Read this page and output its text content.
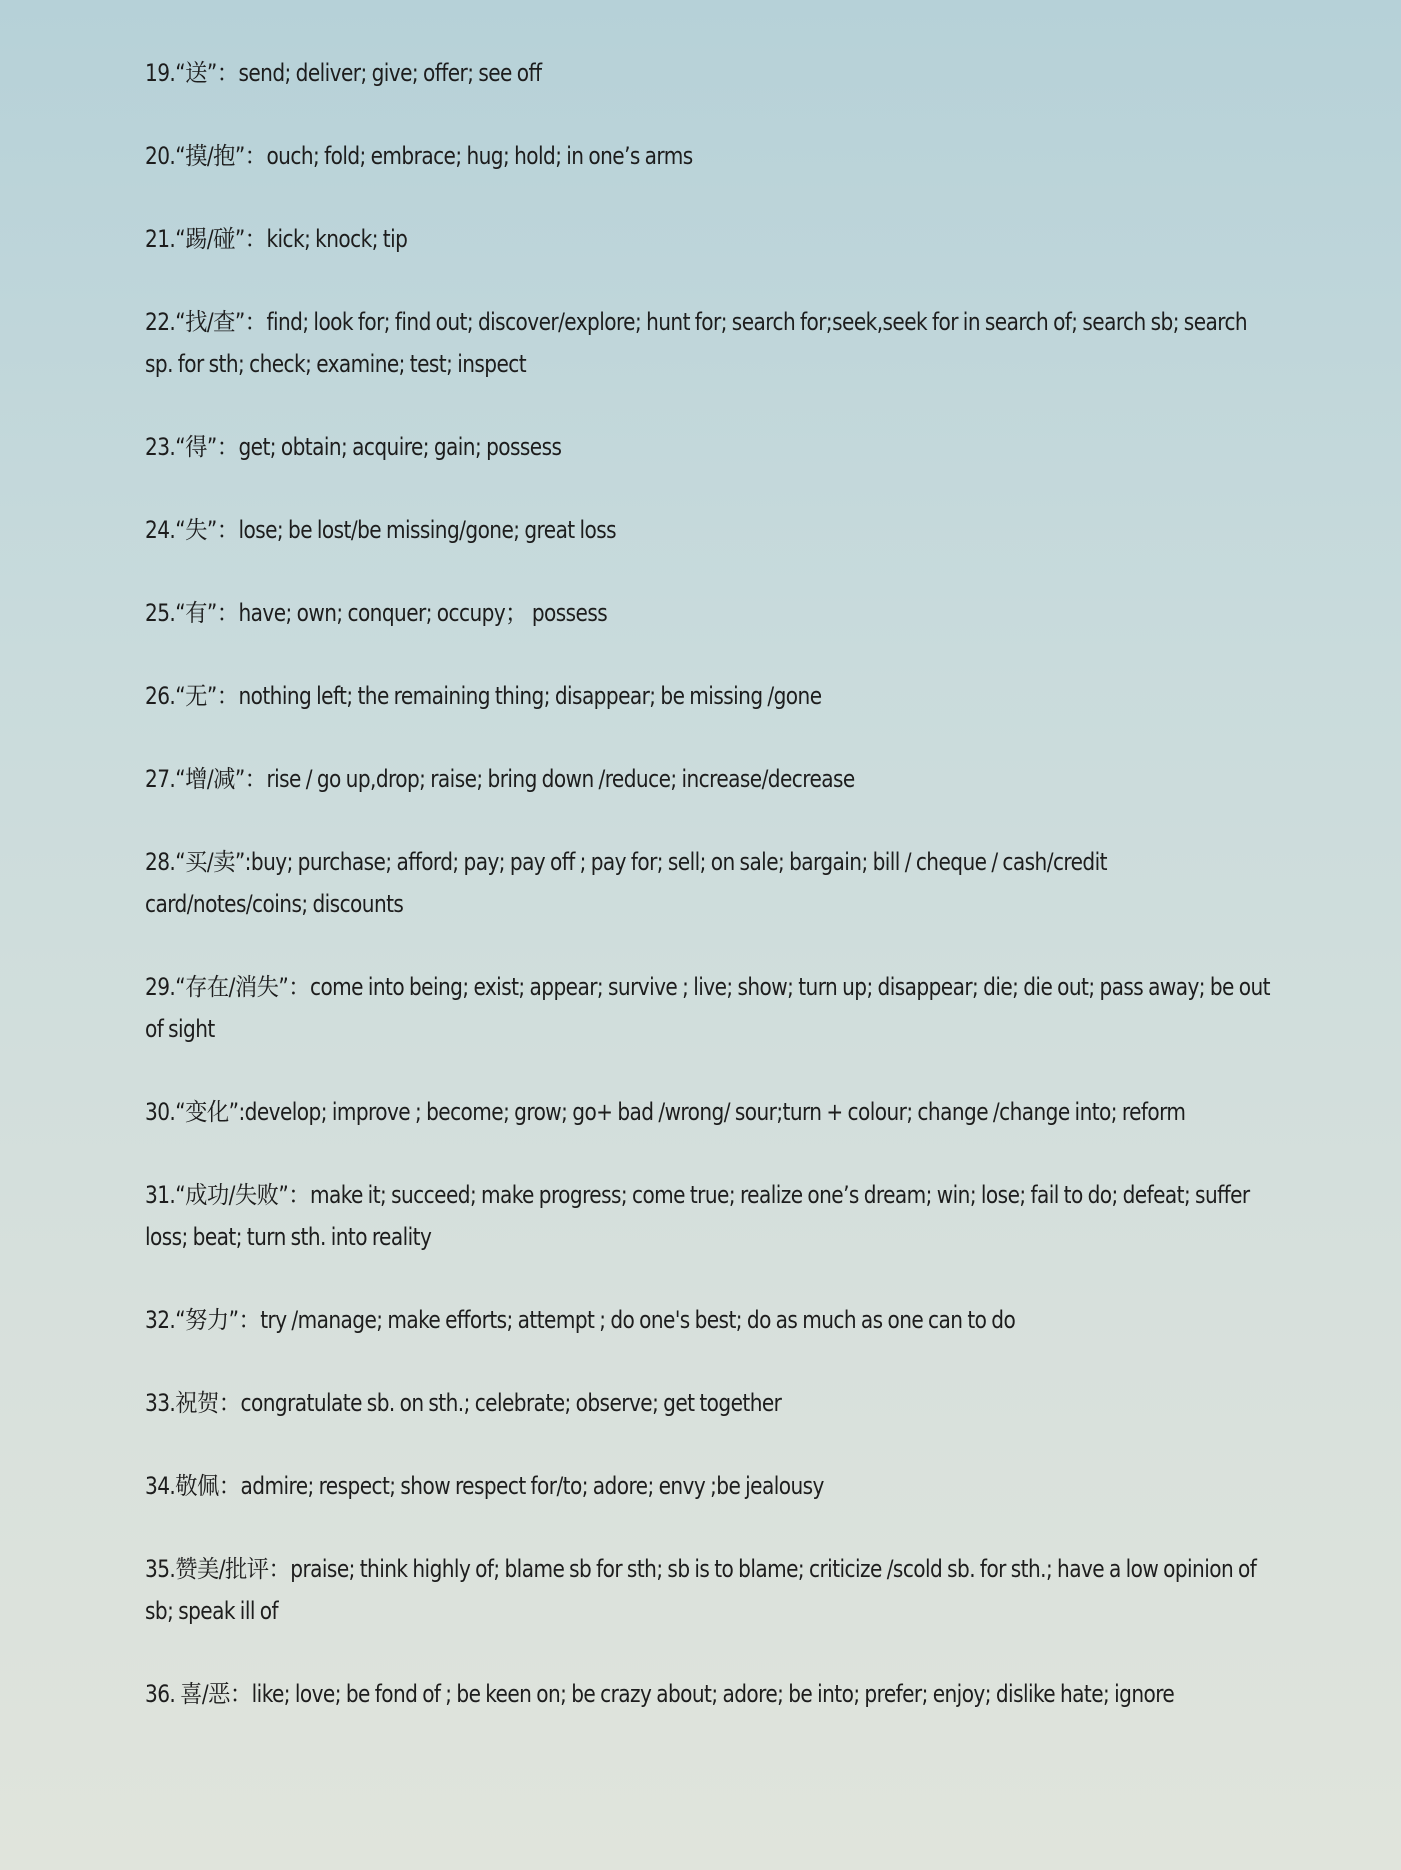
19.“送”：send; deliver; give; offer; see off
20.“摸/抱”：ouch; fold; embrace; hug; hold; in one’s arms
21.“踢/碰”：kick; knock; tip
22.“找/查”：find; look for; find out; discover/explore; hunt for; search for;seek,seek for in search of; search sb; search sp. for sth; check; examine; test; inspect
23.“得”：get; obtain; acquire; gain; possess
24.“失”：lose; be lost/be missing/gone; great loss
25.“有”：have; own; conquer; occupy； possess
26.“无”：nothing left; the remaining thing; disappear; be missing /gone
27.“增/减”：rise / go up,drop; raise; bring down /reduce; increase/decrease
28.“买/卖”:buy; purchase; afford; pay; pay off ; pay for; sell; on sale; bargain; bill / cheque / cash/credit card/notes/coins; discounts
29.“存在/消失”：come into being; exist; appear; survive ; live; show; turn up; disappear; die; die out; pass away; be out of sight
30.“变化”:develop; improve ; become; grow; go+ bad /wrong/ sour;turn + colour; change /change into; reform
31.“成功/失败”：make it; succeed; make progress; come true; realize one’s dream; win; lose; fail to do; defeat; suffer loss; beat; turn sth. into reality
32.“努力”：try /manage; make efforts; attempt ; do one's best; do as much as one can to do
33.祝贺：congratulate sb. on sth.; celebrate; observe; get together
34.敬佩：admire; respect; show respect for/to; adore; envy ;be jealousy
35.赞美/批评：praise; think highly of; blame sb for sth; sb is to blame; criticize /scold sb. for sth.; have a low opinion of sb; speak ill of
36. 喜/恶：like; love; be fond of ; be keen on; be crazy about; adore; be into; prefer; enjoy; dislike hate; ignore
